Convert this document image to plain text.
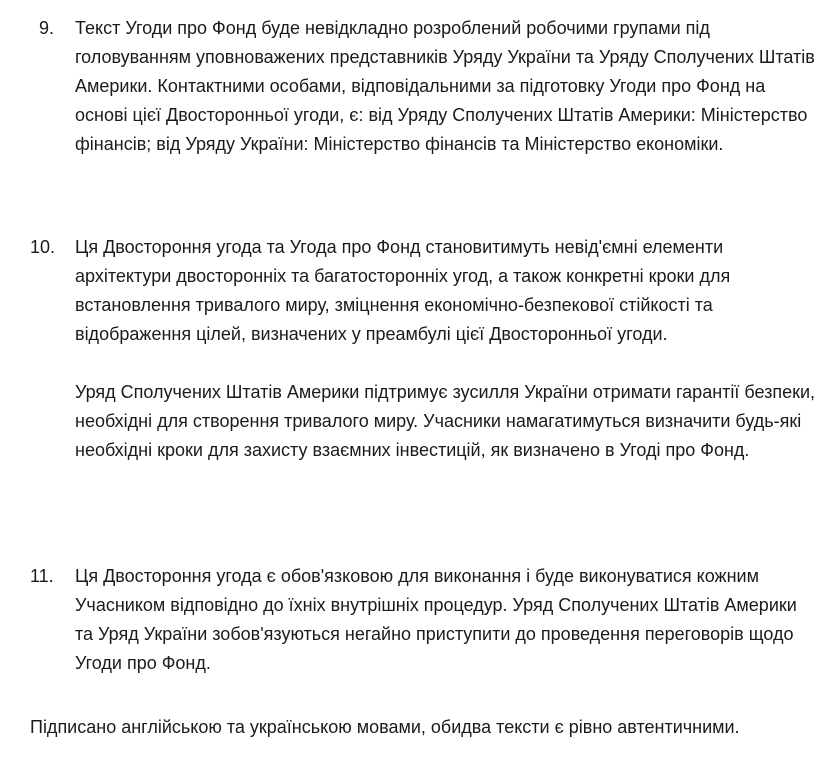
9.	Текст Угоди про Фонд буде невідкладно розроблений робочими групами під головуванням уповноважених представників Уряду України та Уряду Сполучених Штатів Америки. Контактними особами, відповідальними за підготовку Угоди про Фонд на основі цієї Двосторонньої угоди, є: від Уряду Сполучених Штатів Америки: Міністерство фінансів; від Уряду України: Міністерство фінансів та Міністерство економіки.

10.	Ця Двостороння угода та Угода про Фонд становитимуть невід'ємні елементи архітектури двосторонніх та багатосторонніх угод, а також конкретні кроки для встановлення тривалого миру, зміцнення економічно-безпекової стійкості та відображення цілей, визначених у преамбулі цієї Двосторонньої угоди.

Уряд Сполучених Штатів Америки підтримує зусилля України отримати гарантії безпеки, необхідні для створення тривалого миру. Учасники намагатимуться визначити будь-які необхідні кроки для захисту взаємних інвестицій, як визначено в Угоді про Фонд.

11.	Ця Двостороння угода є обов'язковою для виконання і буде виконуватися кожним Учасником відповідно до їхніх внутрішніх процедур. Уряд Сполучених Штатів Америки та Уряд України зобов'язуються негайно приступити до проведення переговорів щодо Угоди про Фонд.

Підписано англійською та українською мовами, обидва тексти є рівно автентичними.
